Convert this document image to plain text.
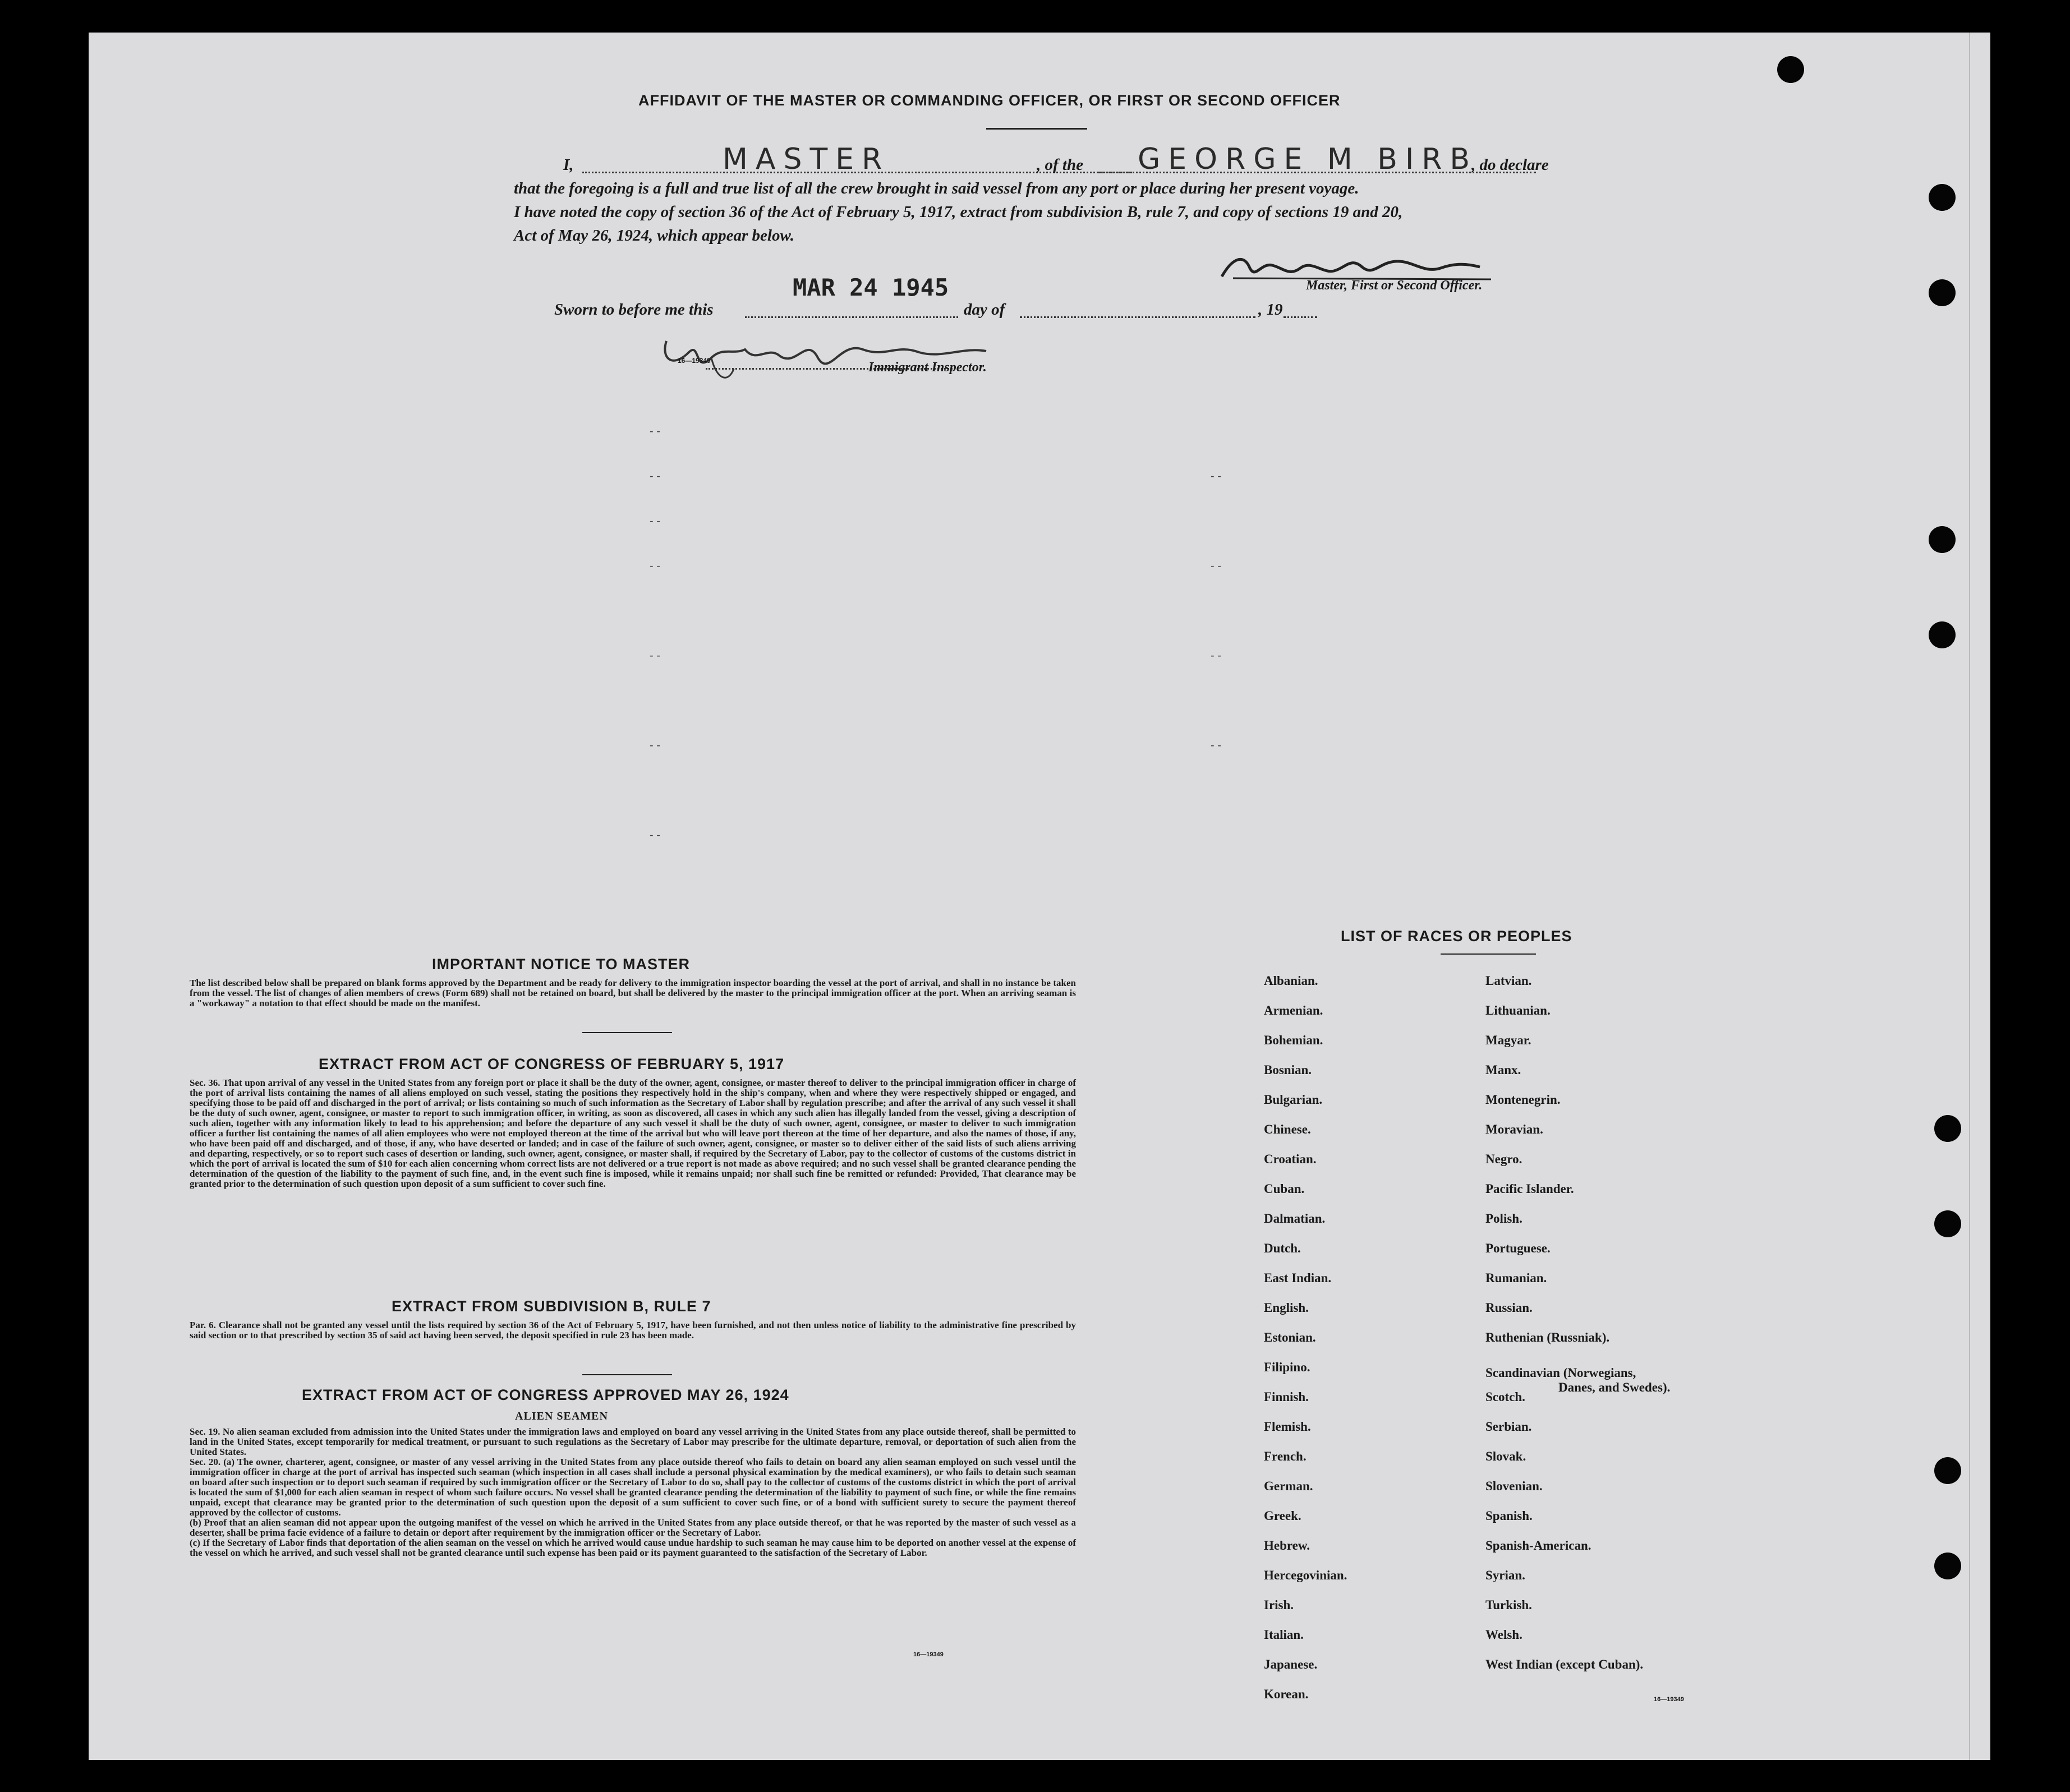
AFFIDAVIT OF THE MASTER OR COMMANDING OFFICER, OR FIRST OR SECOND OFFICER
I,	MASTER	, of the GEORGE M BIRB
, do declare
that the foregoing is a full and true list of all the crew brought in said vessel from any port or place during her present voyage.
I have noted the copy of section 36 of the Act of February 5, 1917, extract from subdivision B, rule 7, and copy of sections 19 and 20,
Act of May 26, 1924, which appear below.
Master, First or Second Officer.
Sworn to before me this
MAR 24 1945
day of	, 19
16—19349	Immigrant Inspector.
- -
- -
- -
- -
- -
- -
- -
- -
- -
- -
- -
IMPORTANT NOTICE TO MASTER
The list described below shall be prepared on blank forms approved by the Department and be ready for delivery to the immigration inspector boarding the vessel at the port of arrival, and shall in no instance be taken from the vessel. The list of changes of alien members of crews (Form 689) shall not be retained on board, but shall be delivered by the master to the principal immigration officer at the port. When an arriving seaman is a "workaway" a notation to that effect should be made on the manifest.
EXTRACT FROM ACT OF CONGRESS OF FEBRUARY 5, 1917
Sec. 36. That upon arrival of any vessel in the United States from any foreign port or place it shall be the duty of the owner, agent, consignee, or master thereof to deliver to the principal immigration officer in charge of the port of arrival lists containing the names of all aliens employed on such vessel, stating the positions they respectively hold in the ship's company, when and where they were respectively shipped or engaged, and specifying those to be paid off and discharged in the port of arrival; or lists containing so much of such information as the Secretary of Labor shall by regulation prescribe; and after the arrival of any such vessel it shall be the duty of such owner, agent, consignee, or master to report to such immigration officer, in writing, as soon as discovered, all cases in which any such alien has illegally landed from the vessel, giving a description of such alien, together with any information likely to lead to his apprehension; and before the departure of any such vessel it shall be the duty of such owner, agent, consignee, or master to deliver to such immigration officer a further list containing the names of all alien employees who were not employed thereon at the time of the arrival but who will leave port thereon at the time of her departure, and also the names of those, if any, who have been paid off and discharged, and of those, if any, who have deserted or landed; and in case of the failure of such owner, agent, consignee, or master so to deliver either of the said lists of such aliens arriving and departing, respectively, or so to report such cases of desertion or landing, such owner, agent, consignee, or master shall, if required by the Secretary of Labor, pay to the collector of customs of the customs district in which the port of arrival is located the sum of $10 for each alien concerning whom correct lists are not delivered or a true report is not made as above required; and no such vessel shall be granted clearance pending the determination of the question of the liability to the payment of such fine, and, in the event such fine is imposed, while it remains unpaid; nor shall such fine be remitted or refunded: Provided, That clearance may be granted prior to the determination of such question upon deposit of a sum sufficient to cover such fine.
EXTRACT FROM SUBDIVISION B, RULE 7
Par. 6. Clearance shall not be granted any vessel until the lists required by section 36 of the Act of February 5, 1917, have been furnished, and not then unless notice of liability to the administrative fine prescribed by said section or to that prescribed by section 35 of said act having been served, the deposit specified in rule 23 has been made.
EXTRACT FROM ACT OF CONGRESS APPROVED MAY 26, 1924
ALIEN SEAMEN

Sec. 19. No alien seaman excluded from admission into the United States under the immigration laws and employed on board any vessel arriving in the United States from any place outside thereof, shall be permitted to land in the United States, except temporarily for medical treatment, or pursuant to such regulations as the Secretary of Labor may prescribe for the ultimate departure, removal, or deportation of such alien from the United States.

Sec. 20. (a) The owner, charterer, agent, consignee, or master of any vessel arriving in the United States from any place outside thereof who fails to detain on board any alien seaman employed on such vessel until the immigration officer in charge at the port of arrival has inspected such seaman (which inspection in all cases shall include a personal physical examination by the medical examiners), or who fails to detain such seaman on board after such inspection or to deport such seaman if required by such immigration officer or the Secretary of Labor to do so, shall pay to the collector of customs of the customs district in which the port of arrival is located the sum of $1,000 for each alien seaman in respect of whom such failure occurs. No vessel shall be granted clearance pending the determination of the liability to payment of such fine, or while the fine remains unpaid, except that clearance may be granted prior to the determination of such question upon the deposit of a sum sufficient to cover such fine, or of a bond with sufficient surety to secure the payment thereof approved by the collector of customs.

(b) Proof that an alien seaman did not appear upon the outgoing manifest of the vessel on which he arrived in the United States from any place outside thereof, or that he was reported by the master of such vessel as a deserter, shall be prima facie evidence of a failure to detain or deport after requirement by the immigration officer or the Secretary of Labor.

(c) If the Secretary of Labor finds that deportation of the alien seaman on the vessel on which he arrived would cause undue hardship to such seaman he may cause him to be deported on another vessel at the expense of the vessel on which he arrived, and such vessel shall not be granted clearance until such expense has been paid or its payment guaranteed to the satisfaction of the Secretary of Labor.

16—19349
LIST OF RACES OR PEOPLES
16—19349
Albanian.
Armenian.
Bohemian.
Bosnian.
Bulgarian.
Chinese.
Croatian.
Cuban.
Dalmatian.
Dutch.
East Indian.
English.
Estonian.
Filipino.
Finnish.
Flemish.
French.
German.
Greek.
Hebrew.
Hercegovinian.
Irish.
Italian.
Japanese.
Korean.
Latvian.
Lithuanian.
Magyar.
Manx.
Montenegrin.
Moravian.
Negro.
Pacific Islander.
Polish.
Portuguese.
Rumanian.
Russian.
Ruthenian (Russniak).
Scandinavian (Norwegians,
Danes, and Swedes).
Scotch.
Serbian.
Slovak.
Slovenian.
Spanish.
Spanish-American.
Syrian.
Turkish.
Welsh.
West Indian (except Cuban).
